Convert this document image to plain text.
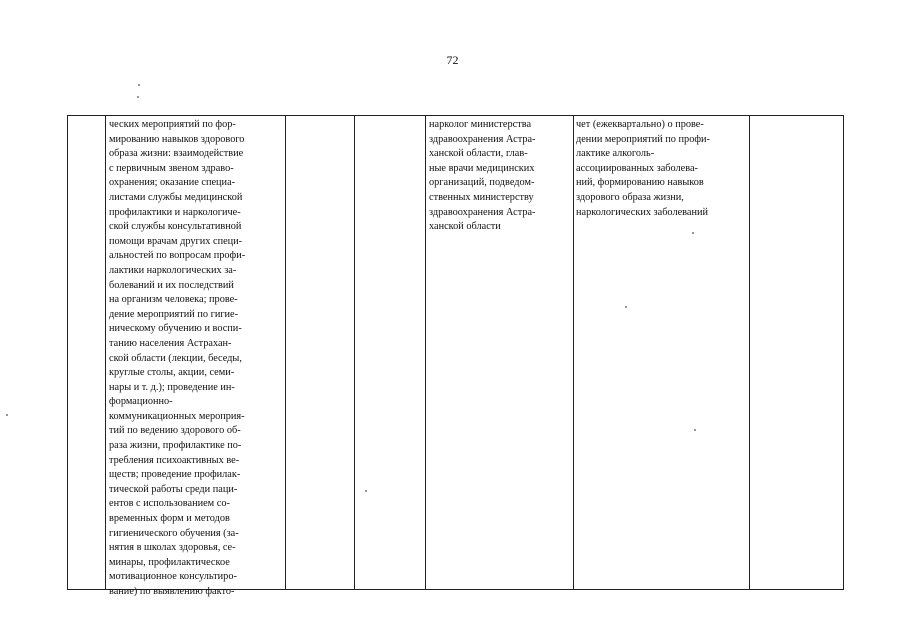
72
ческих мероприятий по фор-
мированию навыков здорового
образа жизни: взаимодействие
с первичным звеном здраво-
охранения; оказание специа-
листами службы медицинской
профилактики и наркологиче-
ской службы консультативной
помощи врачам других специ-
альностей по вопросам профи-
лактики наркологических за-
болеваний и их последствий
на организм человека; прове-
дение мероприятий по гигие-
ническому обучению и воспи-
танию населения Астрахан-
ской области (лекции, беседы,
круглые столы, акции, семи-
нары и т. д.); проведение ин-
формационно-
коммуникационных мероприя-
тий по ведению здорового об-
раза жизни, профилактике по-
требления психоактивных ве-
ществ; проведение профилак-
тической работы среди паци-
ентов с использованием со-
временных форм и методов
гигиенического обучения (за-
нятия в школах здоровья, се-
минары, профилактическое
мотивационное консультиро-
вание) по выявлению факто-
нарколог министерства
здравоохранения Астра-
ханской области, глав-
ные врачи медицинских
организаций, подведом-
ственных министерству
здравоохранения Астра-
ханской области
чет (ежеквартально) о прове-
дении мероприятий по профи-
лактике алкоголь-
ассоциированных заболева-
ний, формированию навыков
здорового образа жизни,
наркологических заболеваний
